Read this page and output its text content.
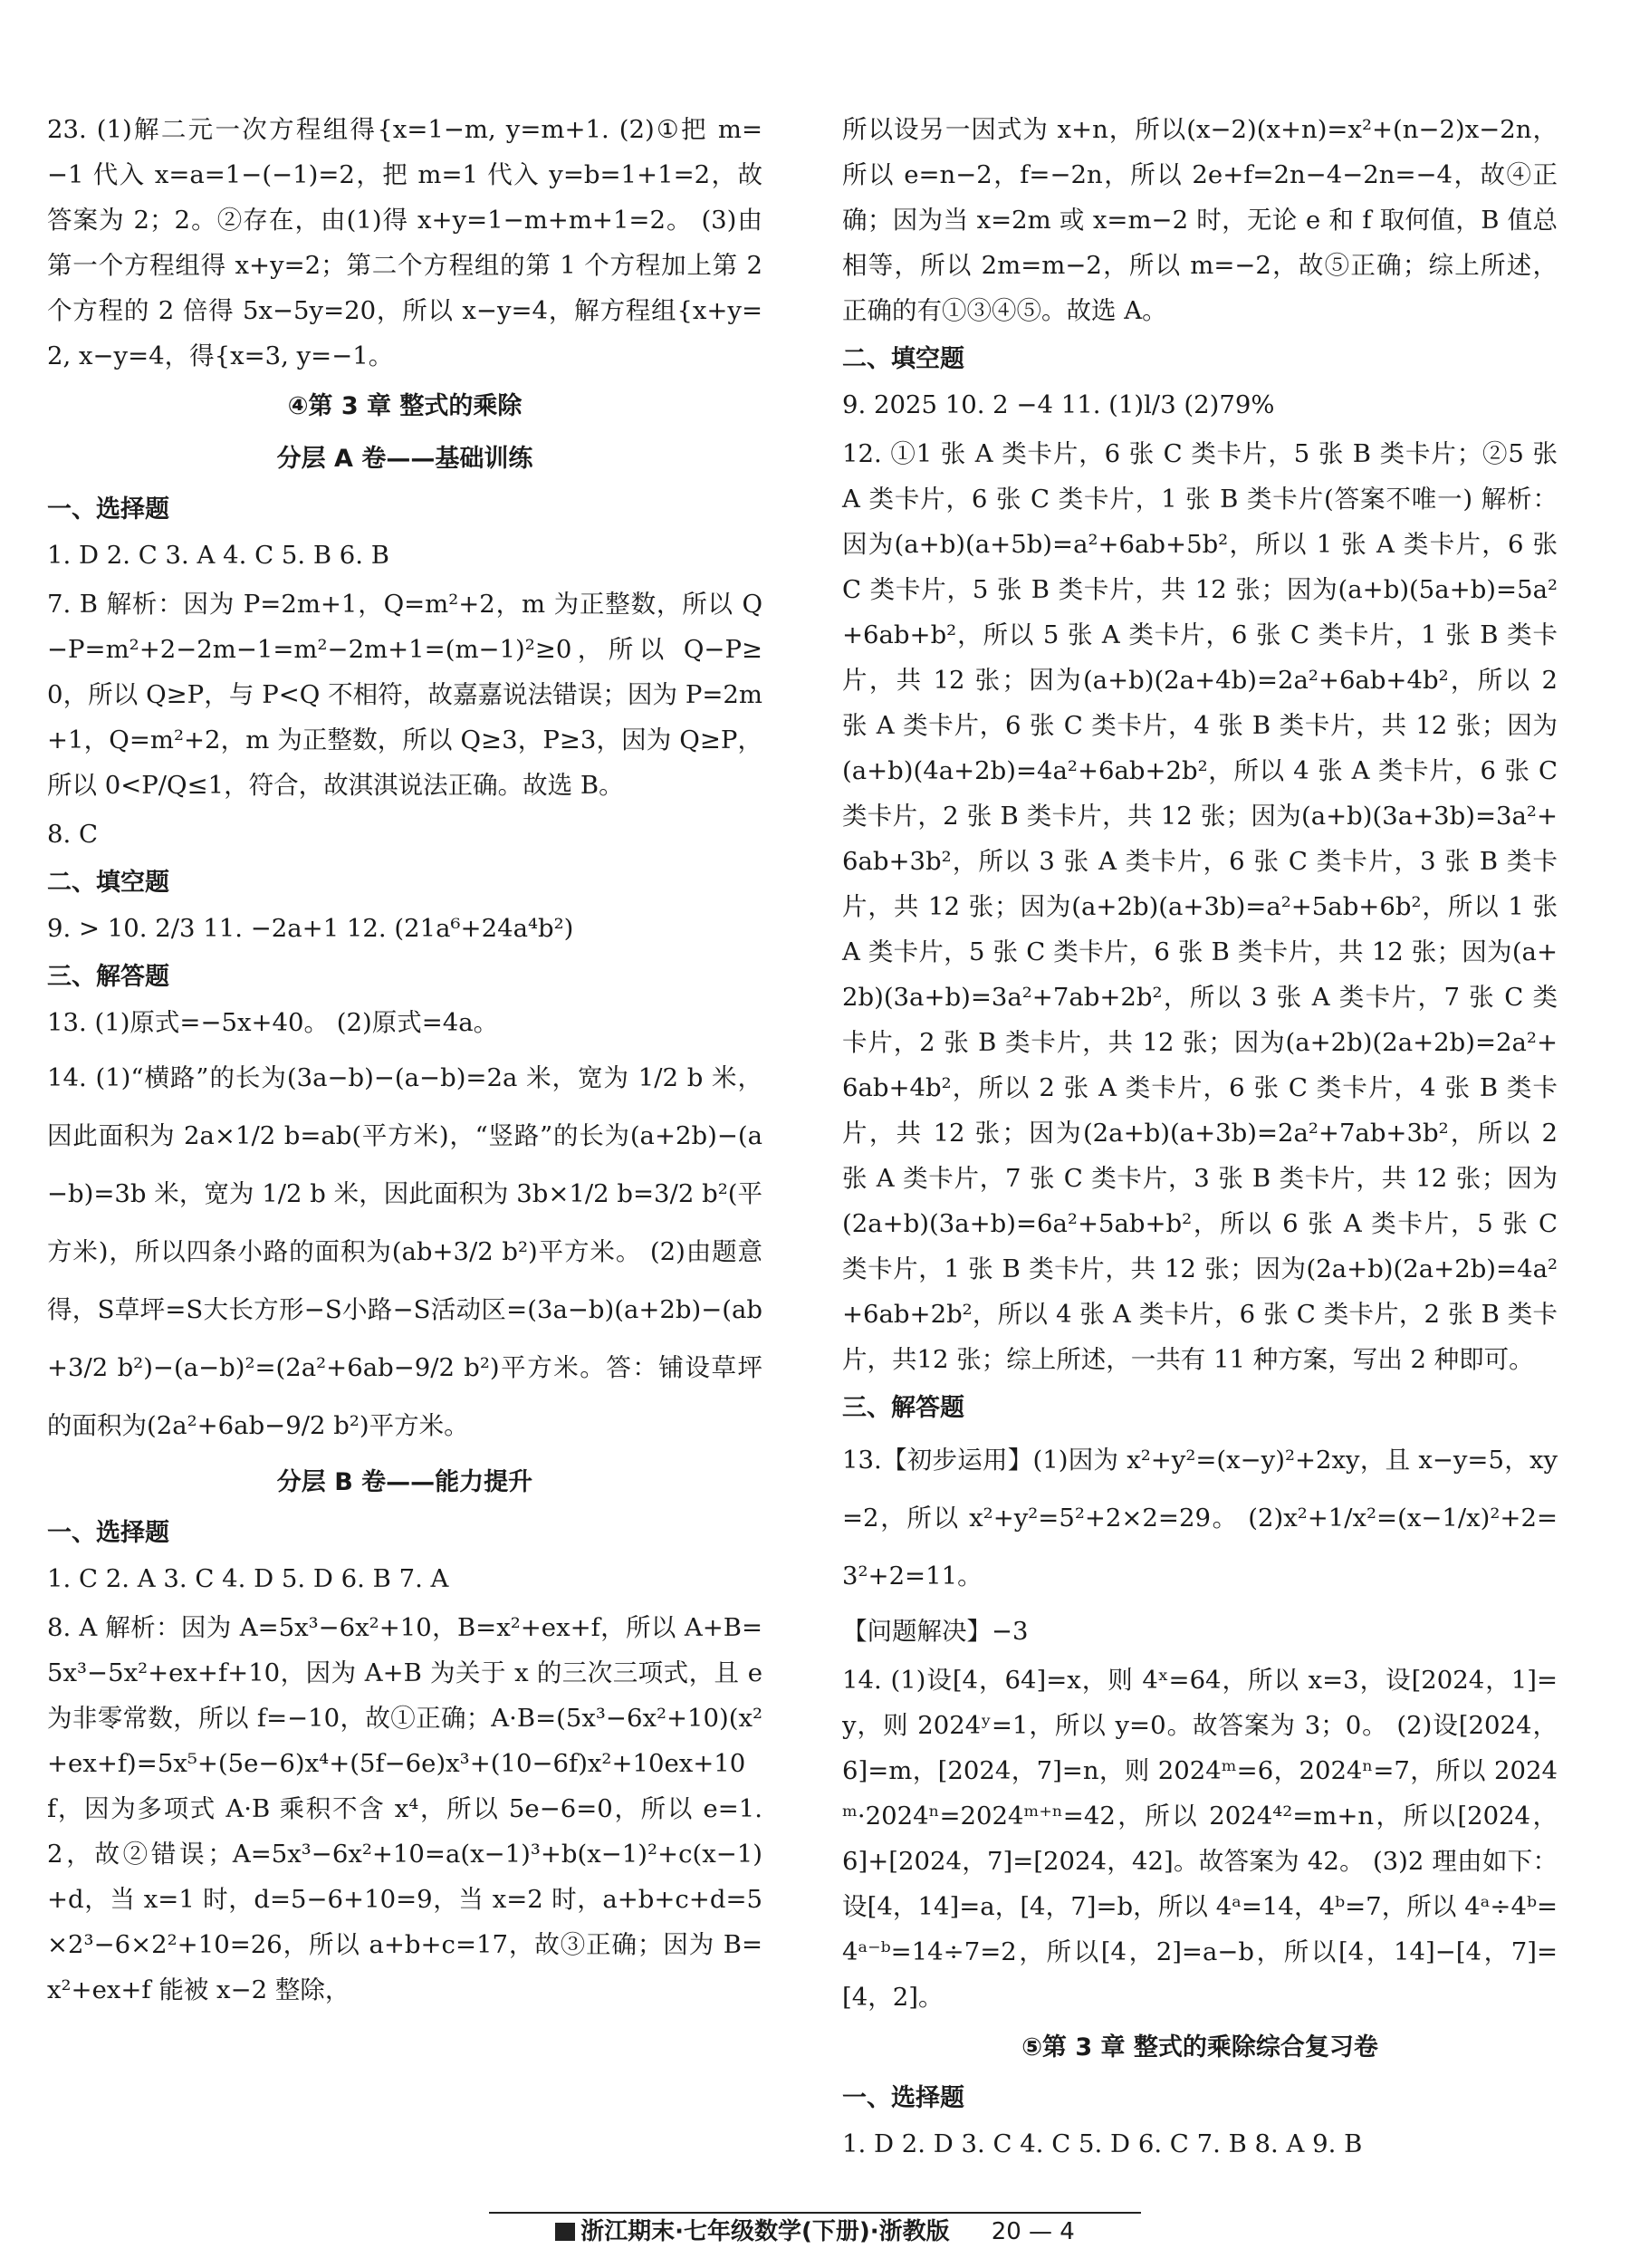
23. (1)解二元一次方程组得{x=1−m, y=m+1. (2)①把 m=−1 代入 x=a=1−(−1)=2，把 m=1 代入 y=b=1+1=2，故答案为 2；2。②存在，由(1)得 x+y=1−m+m+1=2。 (3)由第一个方程组得 x+y=2；第二个方程组的第 1 个方程加上第 2 个方程的 2 倍得 5x−5y=20，所以 x−y=4，解方程组{x+y=2, x−y=4，得{x=3, y=−1。
④第 3 章 整式的乘除
分层 A 卷——基础训练
一、选择题
1. D 2. C 3. A 4. C 5. B 6. B
7. B 解析：因为 P=2m+1，Q=m²+2，m 为正整数，所以 Q−P=m²+2−2m−1=m²−2m+1=(m−1)²≥0，所以 Q−P≥0，所以 Q≥P，与 P<Q 不相符，故嘉嘉说法错误；因为 P=2m+1，Q=m²+2，m 为正整数，所以 Q≥3，P≥3，因为 Q≥P，所以 0<P/Q≤1，符合，故淇淇说法正确。故选 B。
8. C
二、填空题
9. > 10. 2/3 11. −2a+1 12. (21a⁶+24a⁴b²)
三、解答题
13. (1)原式=−5x+40。 (2)原式=4a。
14. (1)“横路”的长为(3a−b)−(a−b)=2a 米，宽为 1/2 b 米，因此面积为 2a×1/2 b=ab(平方米)，“竖路”的长为(a+2b)−(a−b)=3b 米，宽为 1/2 b 米，因此面积为 3b×1/2 b=3/2 b²(平方米)，所以四条小路的面积为(ab+3/2 b²)平方米。 (2)由题意得，S草坪=S大长方形−S小路−S活动区=(3a−b)(a+2b)−(ab+3/2 b²)−(a−b)²=(2a²+6ab−9/2 b²)平方米。答：铺设草坪的面积为(2a²+6ab−9/2 b²)平方米。
分层 B 卷——能力提升
一、选择题
1. C 2. A 3. C 4. D 5. D 6. B 7. A
8. A 解析：因为 A=5x³−6x²+10，B=x²+ex+f，所以 A+B=5x³−5x²+ex+f+10，因为 A+B 为关于 x 的三次三项式，且 e 为非零常数，所以 f=−10，故①正确；A·B=(5x³−6x²+10)(x²+ex+f)=5x⁵+(5e−6)x⁴+(5f−6e)x³+(10−6f)x²+10ex+10f，因为多项式 A·B 乘积不含 x⁴，所以 5e−6=0，所以 e=1.2，故②错误；A=5x³−6x²+10=a(x−1)³+b(x−1)²+c(x−1)+d，当 x=1 时，d=5−6+10=9，当 x=2 时，a+b+c+d=5×2³−6×2²+10=26，所以 a+b+c=17，故③正确；因为 B=x²+ex+f 能被 x−2 整除，
所以设另一因式为 x+n，所以(x−2)(x+n)=x²+(n−2)x−2n，所以 e=n−2，f=−2n，所以 2e+f=2n−4−2n=−4，故④正确；因为当 x=2m 或 x=m−2 时，无论 e 和 f 取何值，B 值总相等，所以 2m=m−2，所以 m=−2，故⑤正确；综上所述，正确的有①③④⑤。故选 A。
二、填空题
9. 2025 10. 2 −4 11. (1)l/3 (2)79%
12. ①1 张 A 类卡片，6 张 C 类卡片，5 张 B 类卡片；②5 张 A 类卡片，6 张 C 类卡片，1 张 B 类卡片(答案不唯一) 解析：因为(a+b)(a+5b)=a²+6ab+5b²，所以 1 张 A 类卡片，6 张 C 类卡片，5 张 B 类卡片，共 12 张；因为(a+b)(5a+b)=5a²+6ab+b²，所以 5 张 A 类卡片，6 张 C 类卡片，1 张 B 类卡片，共 12 张；因为(a+b)(2a+4b)=2a²+6ab+4b²，所以 2 张 A 类卡片，6 张 C 类卡片，4 张 B 类卡片，共 12 张；因为(a+b)(4a+2b)=4a²+6ab+2b²，所以 4 张 A 类卡片，6 张 C 类卡片，2 张 B 类卡片，共 12 张；因为(a+b)(3a+3b)=3a²+6ab+3b²，所以 3 张 A 类卡片，6 张 C 类卡片，3 张 B 类卡片，共 12 张；因为(a+2b)(a+3b)=a²+5ab+6b²，所以 1 张 A 类卡片，5 张 C 类卡片，6 张 B 类卡片，共 12 张；因为(a+2b)(3a+b)=3a²+7ab+2b²，所以 3 张 A 类卡片，7 张 C 类卡片，2 张 B 类卡片，共 12 张；因为(a+2b)(2a+2b)=2a²+6ab+4b²，所以 2 张 A 类卡片，6 张 C 类卡片，4 张 B 类卡片，共 12 张；因为(2a+b)(a+3b)=2a²+7ab+3b²，所以 2 张 A 类卡片，7 张 C 类卡片，3 张 B 类卡片，共 12 张；因为(2a+b)(3a+b)=6a²+5ab+b²，所以 6 张 A 类卡片，5 张 C 类卡片，1 张 B 类卡片，共 12 张；因为(2a+b)(2a+2b)=4a²+6ab+2b²，所以 4 张 A 类卡片，6 张 C 类卡片，2 张 B 类卡片，共12 张；综上所述，一共有 11 种方案，写出 2 种即可。
三、解答题
13.【初步运用】(1)因为 x²+y²=(x−y)²+2xy，且 x−y=5，xy=2，所以 x²+y²=5²+2×2=29。 (2)x²+1/x²=(x−1/x)²+2=3²+2=11。
【问题解决】−3
14. (1)设[4，64]=x，则 4ˣ=64，所以 x=3，设[2024，1]=y，则 2024ʸ=1，所以 y=0。故答案为 3；0。 (2)设[2024，6]=m，[2024，7]=n，则 2024ᵐ=6，2024ⁿ=7，所以 2024ᵐ·2024ⁿ=2024ᵐ⁺ⁿ=42，所以 2024⁴²=m+n，所以[2024，6]+[2024，7]=[2024，42]。故答案为 42。 (3)2 理由如下：设[4，14]=a，[4，7]=b，所以 4ᵃ=14，4ᵇ=7，所以 4ᵃ÷4ᵇ=4ᵃ⁻ᵇ=14÷7=2，所以[4，2]=a−b，所以[4，14]−[4，7]=[4，2]。
⑤第 3 章 整式的乘除综合复习卷
一、选择题
1. D 2. D 3. C 4. C 5. D 6. C 7. B 8. A 9. B
浙江期末·七年级数学(下册)·浙教版 20 — 4
